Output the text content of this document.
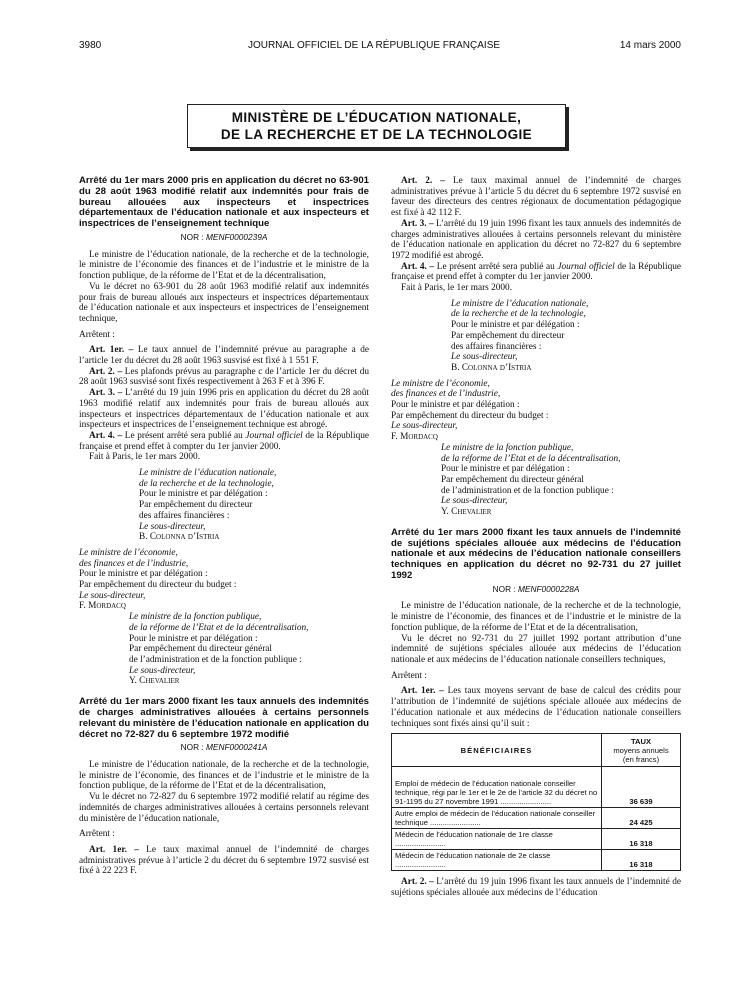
3980	JOURNAL OFFICIEL DE LA RÉPUBLIQUE FRANÇAISE	14 mars 2000
MINISTÈRE DE L’ÉDUCATION NATIONALE,
DE LA RECHERCHE ET DE LA TECHNOLOGIE

Arrêté du 1er mars 2000 pris en application du décret no 63-901 du 28 août 1963 modifié relatif aux indemnités pour frais de bureau allouées aux inspecteurs et inspectrices départementaux de l’éducation nationale et aux inspecteurs et inspectrices de l’enseignement technique

NOR : MENF0000239A

Le ministre de l’éducation nationale, de la recherche et de la technologie, le ministre de l’économie des finances et de l’industrie et le ministre de la fonction publique, de la réforme de l’Etat et de la décentralisation,

Vu le décret no 63-901 du 28 août 1963 modifié relatif aux indemnités pour frais de bureau alloués aux inspecteurs et inspectrices départementaux de l’éducation nationale et aux inspecteurs et inspectrices de l’enseignement technique,

Arrêtent :

Art. 1er. – Le taux annuel de l’indemnité prévue au paragraphe a de l’article 1er du décret du 28 août 1963 susvisé est fixé à 1 551 F.

Art. 2. – Les plafonds prévus au paragraphe c de l’article 1er du décret du 28 août 1963 susvisé sont fixés respectivement à 263 F et à 396 F.

Art. 3. – L’arrêté du 19 juin 1996 pris en application du décret du 28 août 1963 modifié relatif aux indemnités pour frais de bureau alloués aux inspecteurs et inspectrices départementaux de l’éducation nationale et aux inspecteurs et inspectrices de l’enseignement technique est abrogé.

Art. 4. – Le présent arrêté sera publié au Journal officiel de la République française et prend effet à compter du 1er janvier 2000.

Fait à Paris, le 1er mars 2000.

Le ministre de l’éducation nationale,

de la recherche et de la technologie,

Pour le ministre et par délégation :

Par empêchement du directeur

des affaires financières :

Le sous-directeur,

B. Colonna d’Istria

Le ministre de l’économie,

des finances et de l’industrie,

Pour le ministre et par délégation :

Par empêchement du directeur du budget :

Le sous-directeur,

F. Mordacq

Le ministre de la fonction publique,

de la réforme de l’Etat et de la décentralisation,

Pour le ministre et par délégation :

Par empêchement du directeur général

de l’administration et de la fonction publique :

Le sous-directeur,

Y. Chevalier

Arrêté du 1er mars 2000 fixant les taux annuels des indemnités de charges administratives allouées à certains personnels relevant du ministère de l’éducation nationale en application du décret no 72-827 du 6 septembre 1972 modifié

NOR : MENF0000241A

Le ministre de l’éducation nationale, de la recherche et de la technologie, le ministre de l’économie, des finances et de l’industrie et le ministre de la fonction publique, de la réforme de l’Etat et de la décentralisation,

Vu le décret no 72-827 du 6 septembre 1972 modifié relatif au régime des indemnités de charges administratives allouées à certains personnels relevant du ministère de l’éducation nationale,

Arrêtent :

Art. 1er. – Le taux maximal annuel de l’indemnité de charges administratives prévue à l’article 2 du décret du 6 septembre 1972 susvisé est fixé à 22 223 F.

Art. 2. – Le taux maximal annuel de l’indemnité de charges administratives prévue à l’article 5 du décret du 6 septembre 1972 susvisé en faveur des directeurs des centres régionaux de documentation pédagogique est fixé à 42 112 F.

Art. 3. – L’arrêté du 19 juin 1996 fixant les taux annuels des indemnités de charges administratives allouées à certains personnels relevant du ministère de l’éducation nationale en application du décret no 72-827 du 6 septembre 1972 modifié est abrogé.

Art. 4. – Le présent arrêté sera publié au Journal officiel de la République française et prend effet à compter du 1er janvier 2000.

Fait à Paris, le 1er mars 2000.

Le ministre de l’éducation nationale,

de la recherche et de la technologie,

Pour le ministre et par délégation :

Par empêchement du directeur

des affaires financières :

Le sous-directeur,

B. Colonna d’Istria

Le ministre de l’économie,

des finances et de l’industrie,

Pour le ministre et par délégation :

Par empêchement du directeur du budget :

Le sous-directeur,

F. Mordacq

Le ministre de la fonction publique,

de la réforme de l’Etat et de la décentralisation,

Pour le ministre et par délégation :

Par empêchement du directeur général

de l’administration et de la fonction publique :

Le sous-directeur,

Y. Chevalier

Arrêté du 1er mars 2000 fixant les taux annuels de l’indemnité de sujétions spéciales allouée aux médecins de l’éducation nationale et aux médecins de l’éducation nationale conseillers techniques en application du décret no 92-731 du 27 juillet 1992

NOR : MENF0000228A

Le ministre de l’éducation nationale, de la recherche et de la technologie, le ministre de l’économie, des finances et de l’industrie et le ministre de la fonction publique, de la réforme de l’Etat et de la décentralisation,

Vu le décret no 92-731 du 27 juillet 1992 portant attribution d’une indemnité de sujétions spéciales allouée aux médecins de l’éducation nationale et aux médecins de l’éducation nationale conseillers techniques,

Arrêtent :

Art. 1er. – Les taux moyens servant de base de calcul des crédits pour l’attribution de l’indemnité de sujétions spéciale allouée aux médecins de l’éducation nationale et aux médecins de l’éducation nationale conseillers techniques sont fixés ainsi qu’il suit :

BÉNÉFICIAIRES	TAUX
moyens annuels
(en francs)

Emploi de médecin de l’éducation nationale conseiller technique, régi par le 1er et le 2e de l’article 32 du décret no 91-1195 du 27 novembre 1991 ........................	36 639
Autre emploi de médecin de l’éducation nationale conseiller technique ........................	24 425
Médecin de l’éducation nationale de 1re classe ........................	16 318
Médecin de l’éducation nationale de 2e classe ........................	16 318

Art. 2. – L’arrêté du 19 juin 1996 fixant les taux annuels de l’indemnité de sujétions spéciales allouée aux médecins de l’éducation
